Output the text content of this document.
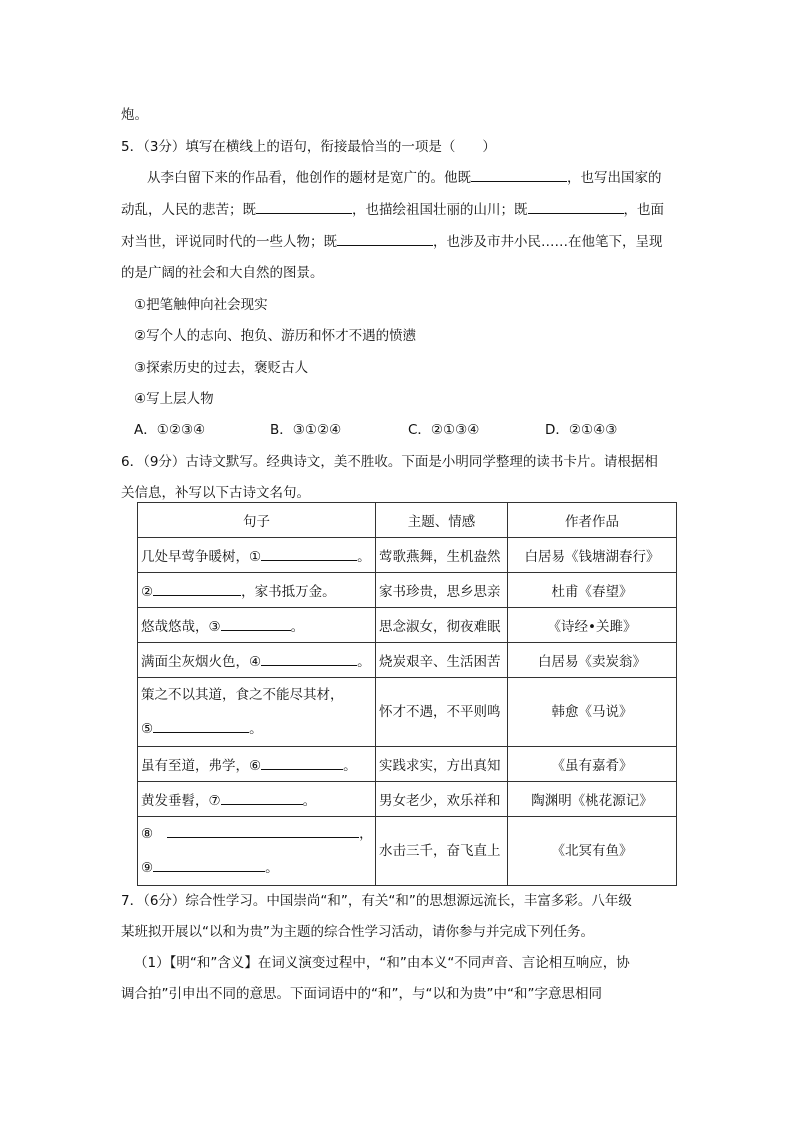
炮。
5．（3分）填写在横线上的语句，衔接最恰当的一项是（　　）
从李白留下来的作品看，他创作的题材是宽广的。他既	，也写出国家的
动乱，人民的悲苦；既	，也描绘祖国壮丽的山川；既	，也面
对当世，评说同时代的一些人物；既	，也涉及市井小民……在他笔下，呈现
的是广阔的社会和大自然的图景。
①把笔触伸向社会现实
②写个人的志向、抱负、游历和怀才不遇的愤懑
③探索历史的过去，褒贬古人
④写上层人物
A．①②③④	B．③①②④	C．②①③④	D．②①④③
6．（9分）古诗文默写。经典诗文，美不胜收。下面是小明同学整理的读书卡片。请根据相
关信息，补写以下古诗文名句。
句子	主题、情感	作者作品
几处早莺争暖树，① 。	莺歌燕舞，生机盎然	白居易《钱塘湖春行》
② ，家书抵万金。	家书珍贵，思乡思亲	杜甫《春望》
悠哉悠哉，③ 。	思念淑女，彻夜难眠	《诗经•关雎》
满面尘灰烟火色，④ 。	烧炭艰辛、生活困苦	白居易《卖炭翁》

策之不以其道，食之不能尽其材，
⑤ 。	怀才不遇，不平则鸣	韩愈《马说》

虽有至道，弗学，⑥ 。	实践求实，方出真知	《虽有嘉肴》
黄发垂髫，⑦ 。	男女老少，欢乐祥和	陶渊明《桃花源记》

⑧ ，
⑨ 。	水击三千，奋飞直上	《北冥有鱼》
7．（6分）综合性学习。中国崇尚“和”，有关“和”的思想源远流长，丰富多彩。八年级
某班拟开展以“以和为贵”为主题的综合性学习活动，请你参与并完成下列任务。
（1）【明“和”含义】在词义演变过程中，“和”由本义“不同声音、言论相互响应，协
调合拍”引申出不同的意思。下面词语中的“和”，与“以和为贵”中“和”字意思相同
